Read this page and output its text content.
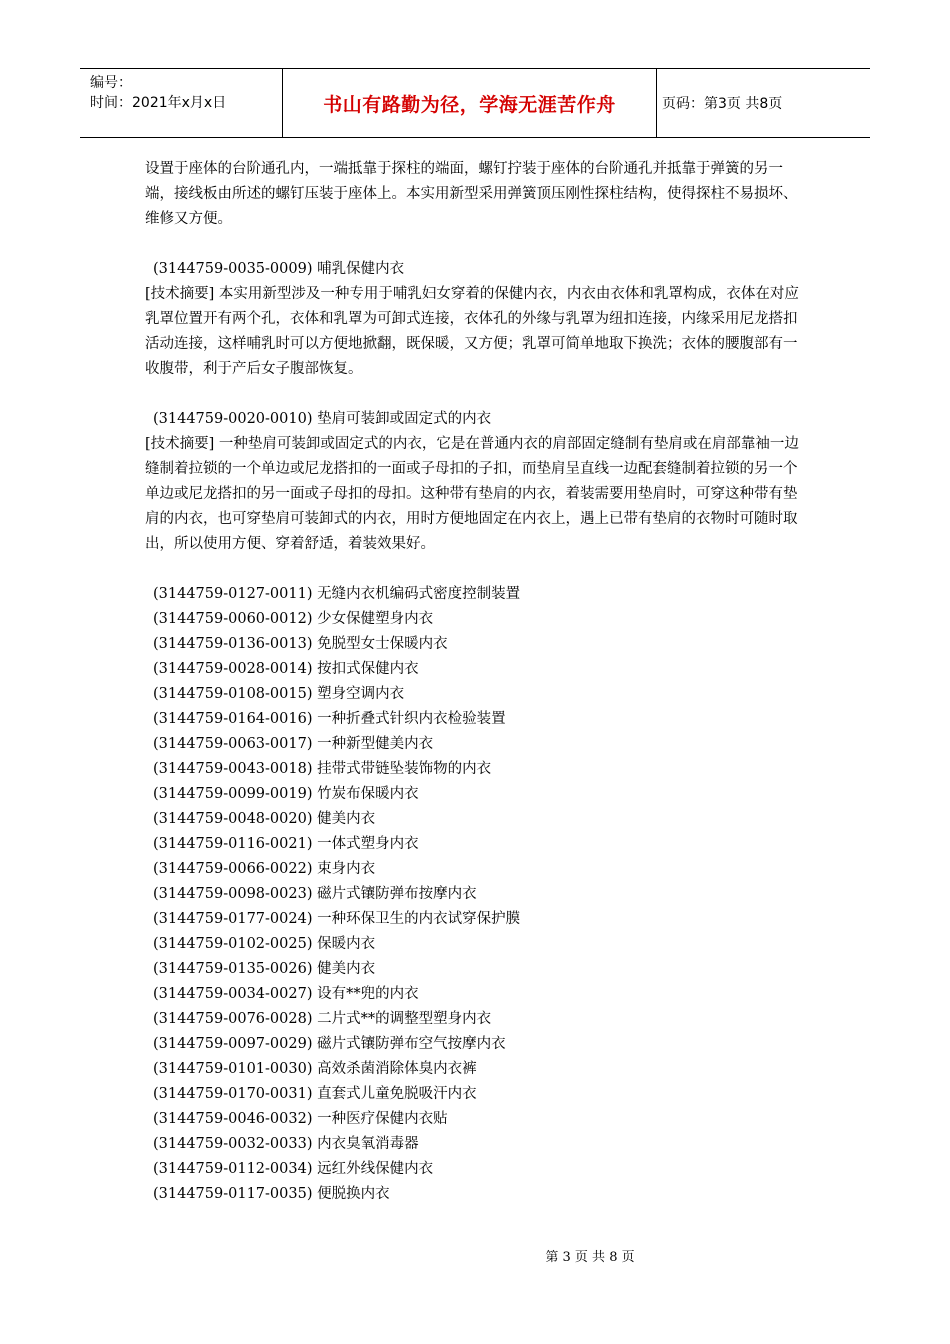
编号：
时间：2021年x月x日	书山有路勤为径，学海无涯苦作舟	页码：第3页 共8页

设置于座体的台阶通孔内，一端抵靠于探柱的端面，螺钉拧装于座体的台阶通孔并抵靠于弹簧的另一端，接线板由所述的螺钉压装于座体上。本实用新型采用弹簧顶压刚性探柱结构，使得探柱不易损坏、维修又方便。

(3144759-0035-0009) 哺乳保健内衣

[技术摘要] 本实用新型涉及一种专用于哺乳妇女穿着的保健内衣，内衣由衣体和乳罩构成，衣体在对应乳罩位置开有两个孔，衣体和乳罩为可卸式连接，衣体孔的外缘与乳罩为纽扣连接，内缘采用尼龙搭扣活动连接，这样哺乳时可以方便地掀翻，既保暖，又方便；乳罩可简单地取下换洗；衣体的腰腹部有一收腹带，利于产后女子腹部恢复。

(3144759-0020-0010) 垫肩可装卸或固定式的内衣

[技术摘要] 一种垫肩可装卸或固定式的内衣，它是在普通内衣的肩部固定缝制有垫肩或在肩部靠袖一边缝制着拉锁的一个单边或尼龙搭扣的一面或子母扣的子扣，而垫肩呈直线一边配套缝制着拉锁的另一个单边或尼龙搭扣的另一面或子母扣的母扣。这种带有垫肩的内衣，着装需要用垫肩时，可穿这种带有垫肩的内衣，也可穿垫肩可装卸式的内衣，用时方便地固定在内衣上，遇上已带有垫肩的衣物时可随时取出，所以使用方便、穿着舒适，着装效果好。

(3144759-0127-0011) 无缝内衣机编码式密度控制装置

(3144759-0060-0012) 少女保健塑身内衣

(3144759-0136-0013) 免脱型女士保暖内衣

(3144759-0028-0014) 按扣式保健内衣

(3144759-0108-0015) 塑身空调内衣

(3144759-0164-0016) 一种折叠式针织内衣检验装置

(3144759-0063-0017) 一种新型健美内衣

(3144759-0043-0018) 挂带式带链坠装饰物的内衣

(3144759-0099-0019) 竹炭布保暖内衣

(3144759-0048-0020) 健美内衣

(3144759-0116-0021) 一体式塑身内衣

(3144759-0066-0022) 束身内衣

(3144759-0098-0023) 磁片式镶防弹布按摩内衣

(3144759-0177-0024) 一种环保卫生的内衣试穿保护膜

(3144759-0102-0025) 保暖内衣

(3144759-0135-0026) 健美内衣

(3144759-0034-0027) 设有**兜的内衣

(3144759-0076-0028) 二片式**的调整型塑身内衣

(3144759-0097-0029) 磁片式镶防弹布空气按摩内衣

(3144759-0101-0030) 高效杀菌消除体臭内衣裤

(3144759-0170-0031) 直套式儿童免脱吸汗内衣

(3144759-0046-0032) 一种医疗保健内衣贴

(3144759-0032-0033) 内衣臭氧消毒器

(3144759-0112-0034) 远红外线保健内衣

(3144759-0117-0035) 便脱换内衣

第 3 页 共 8 页
